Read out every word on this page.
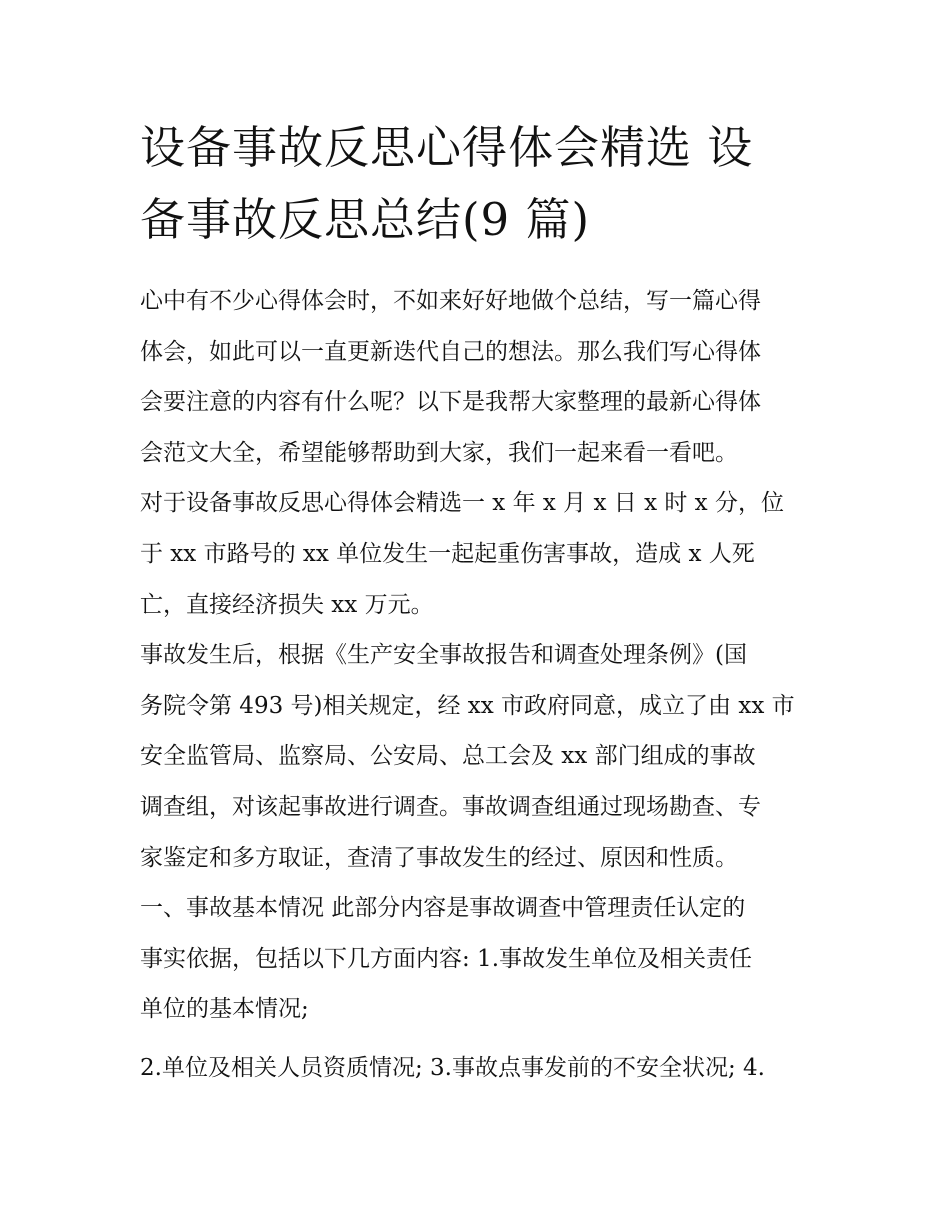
设备事故反思心得体会精选 设
备事故反思总结(9 篇)

心中有不少心得体会时，不如来好好地做个总结，写一篇心得

体会，如此可以一直更新迭代自己的想法。那么我们写心得体

会要注意的内容有什么呢？以下是我帮大家整理的最新心得体

会范文大全，希望能够帮助到大家，我们一起来看一看吧。

对于设备事故反思心得体会精选一 x 年 x 月 x 日 x 时 x 分，位

于 xx 市路号的 xx 单位发生一起起重伤害事故，造成 x 人死

亡，直接经济损失 xx 万元。

事故发生后，根据《生产安全事故报告和调查处理条例》(国

务院令第 493 号)相关规定，经 xx 市政府同意，成立了由 xx 市

安全监管局、监察局、公安局、总工会及 xx 部门组成的事故

调查组，对该起事故进行调查。事故调查组通过现场勘查、专

家鉴定和多方取证，查清了事故发生的经过、原因和性质。

一、事故基本情况 此部分内容是事故调查中管理责任认定的

事实依据，包括以下几方面内容: 1.事故发生单位及相关责任

单位的基本情况;

2.单位及相关人员资质情况; 3.事故点事发前的不安全状况; 4.
